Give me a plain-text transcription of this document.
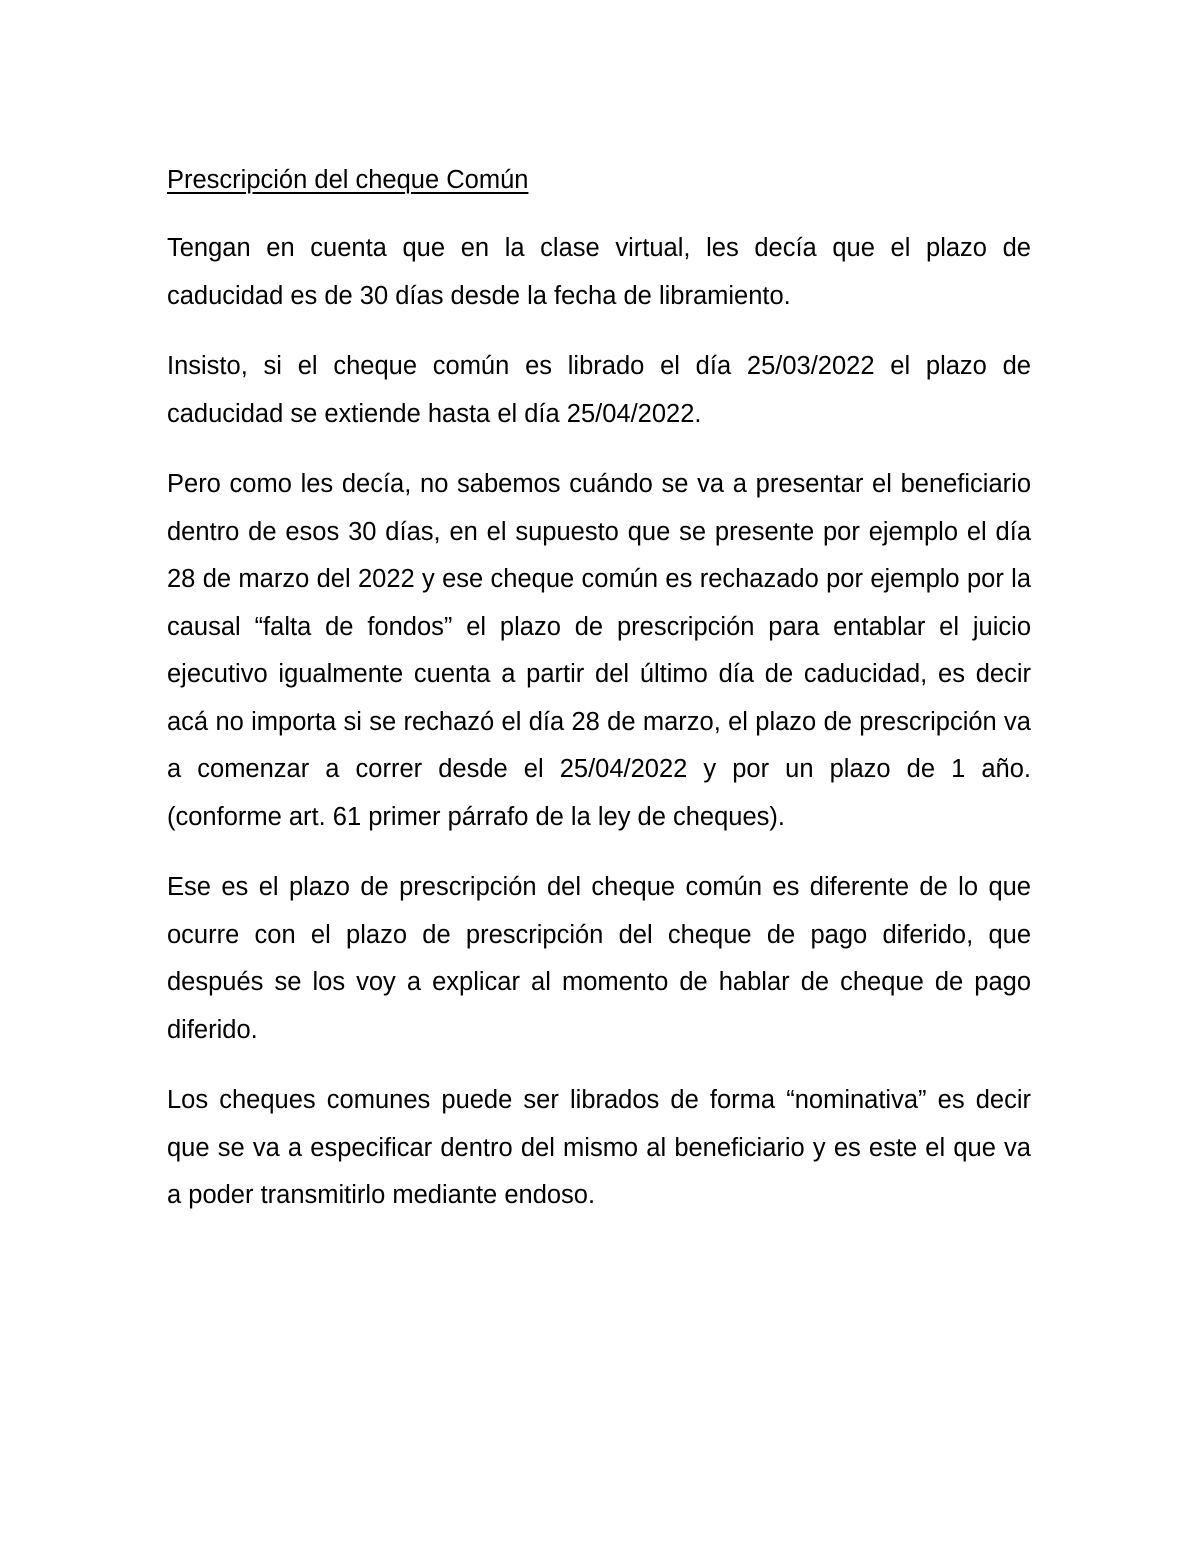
Prescripción del cheque Común

Tengan en cuenta que en la clase virtual, les decía que el plazo de caducidad es de 30 días desde la fecha de libramiento.

Insisto, si el cheque común es librado el día 25/03/2022 el plazo de caducidad se extiende hasta el día 25/04/2022.

Pero como les decía, no sabemos cuándo se va a presentar el beneficiario dentro de esos 30 días, en el supuesto que se presente por ejemplo el día 28 de marzo del 2022 y ese cheque común es rechazado por ejemplo por la causal “falta de fondos” el plazo de prescripción para entablar el juicio ejecutivo igualmente cuenta a partir del último día de caducidad, es decir acá no importa si se rechazó el día 28 de marzo, el plazo de prescripción va a comenzar a correr desde el 25/04/2022 y por un plazo de 1 año. (conforme art. 61 primer párrafo de la ley de cheques).

Ese es el plazo de prescripción del cheque común es diferente de lo que ocurre con el plazo de prescripción del cheque de pago diferido, que después se los voy a explicar al momento de hablar de cheque de pago diferido.

Los cheques comunes puede ser librados de forma “nominativa” es decir que se va a especificar dentro del mismo al beneficiario y es este el que va a poder transmitirlo mediante endoso.
